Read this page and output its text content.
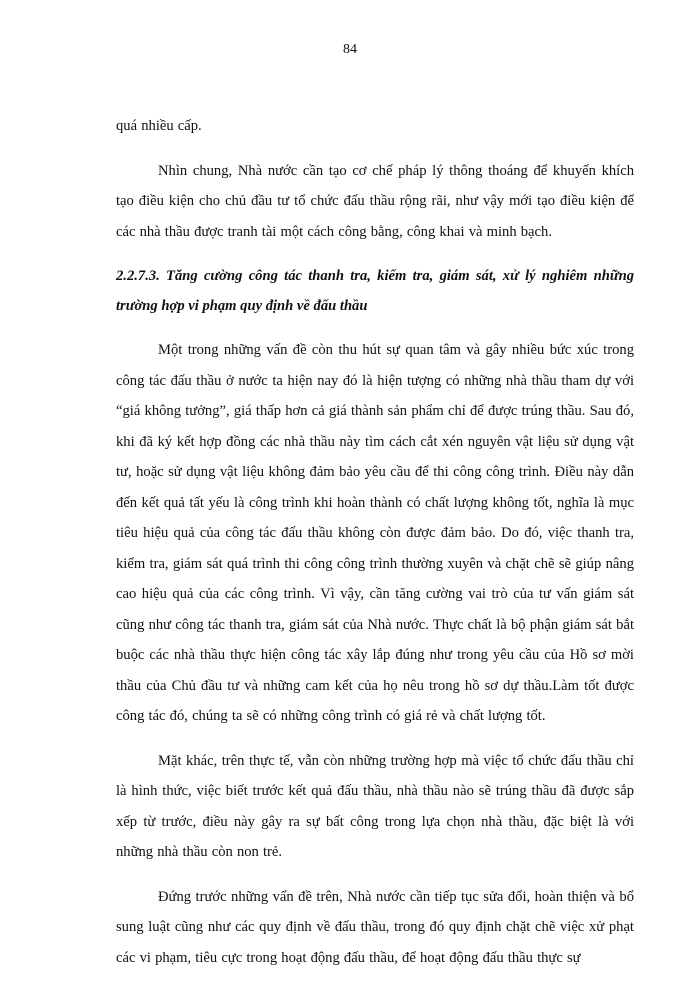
84

quá nhiều cấp.

Nhìn chung, Nhà nước cần tạo cơ chế pháp lý thông thoáng để khuyến khích tạo điều kiện cho chủ đầu tư tổ chức đấu thầu rộng rãi, như vậy mới tạo điều kiện để các nhà thầu được tranh tài một cách công bằng, công khai và minh bạch.

2.2.7.3. Tăng cường công tác thanh tra, kiểm tra, giám sát, xử lý nghiêm những trường hợp vi phạm quy định về đấu thầu

Một trong những vấn đề còn thu hút sự quan tâm và gây nhiều bức xúc trong công tác đấu thầu ở nước ta hiện nay đó là hiện tượng có những nhà thầu tham dự với “giá không tưởng”, giá thấp hơn cả giá thành sản phẩm chỉ để được trúng thầu. Sau đó, khi đã ký kết hợp đồng các nhà thầu này tìm cách cắt xén nguyên vật liệu sử dụng vật tư, hoặc sử dụng vật liệu không đảm bảo yêu cầu để thi công công trình. Điều này dẫn đến kết quả tất yếu là công trình khi hoàn thành có chất lượng không tốt, nghĩa là mục tiêu hiệu quả của công tác đấu thầu không còn được đảm bảo. Do đó, việc thanh tra, kiểm tra, giám sát quá trình thi công công trình thường xuyên và chặt chẽ sẽ giúp nâng cao hiệu quả của các công trình. Vì vậy, cần tăng cường vai trò của tư vấn giám sát cũng như công tác thanh tra, giám sát của Nhà nước. Thực chất là bộ phận giám sát bắt buộc các nhà thầu thực hiện công tác xây lắp đúng như trong yêu cầu của Hồ sơ mời thầu của Chủ đầu tư và những cam kết của họ nêu trong hồ sơ dự thầu.Làm tốt được công tác đó, chúng ta sẽ có những công trình có giá rẻ và chất lượng tốt.

Mặt khác, trên thực tế, vẫn còn những trường hợp mà việc tổ chức đấu thầu chỉ là hình thức, việc biết trước kết quả đấu thầu, nhà thầu nào sẽ trúng thầu đã được sắp xếp từ trước, điều này gây ra sự bất công trong lựa chọn nhà thầu, đặc biệt là với những nhà thầu còn non trẻ.

Đứng trước những vấn đề trên, Nhà nước cần tiếp tục sửa đổi, hoàn thiện và bổ sung luật cũng như các quy định về đấu thầu, trong đó quy định chặt chẽ việc xử phạt các vi phạm, tiêu cực trong hoạt động đấu thầu, để hoạt động đấu thầu thực sự
